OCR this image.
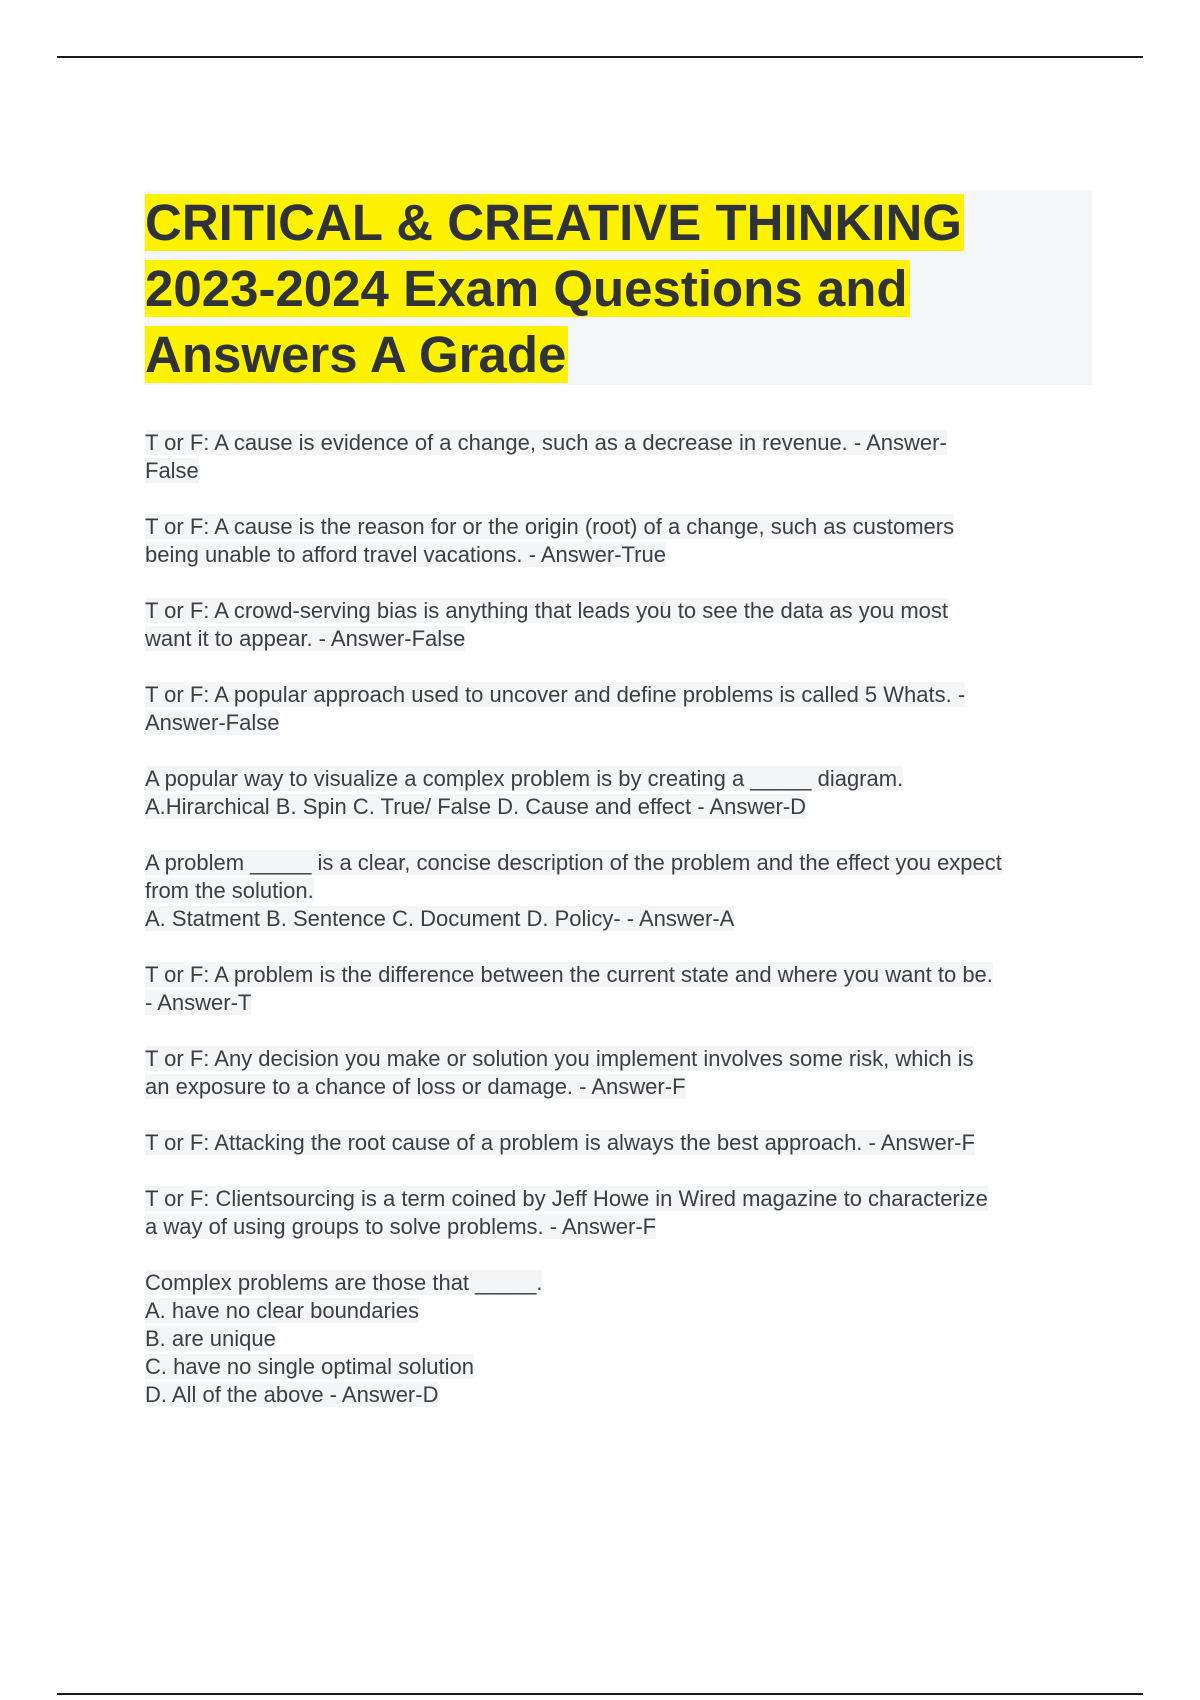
CRITICAL & CREATIVE THINKING
2023-2024 Exam Questions and
Answers A Grade

T or F: A cause is evidence of a change, such as a decrease in revenue. - Answer-
False

T or F: A cause is the reason for or the origin (root) of a change, such as customers
being unable to afford travel vacations. - Answer-True

T or F: A crowd-serving bias is anything that leads you to see the data as you most
want it to appear. - Answer-False

T or F: A popular approach used to uncover and define problems is called 5 Whats. -
Answer-False

A popular way to visualize a complex problem is by creating a _____ diagram.
A.Hirarchical B. Spin C. True/ False D. Cause and effect - Answer-D

A problem _____ is a clear, concise description of the problem and the effect you expect
from the solution.
A. Statment B. Sentence C. Document D. Policy- - Answer-A

T or F: A problem is the difference between the current state and where you want to be.
- Answer-T

T or F: Any decision you make or solution you implement involves some risk, which is
an exposure to a chance of loss or damage. - Answer-F

T or F: Attacking the root cause of a problem is always the best approach. - Answer-F

T or F: Clientsourcing is a term coined by Jeff Howe in Wired magazine to characterize
a way of using groups to solve problems. - Answer-F

Complex problems are those that _____.
A. have no clear boundaries
B. are unique
C. have no single optimal solution
D. All of the above - Answer-D
